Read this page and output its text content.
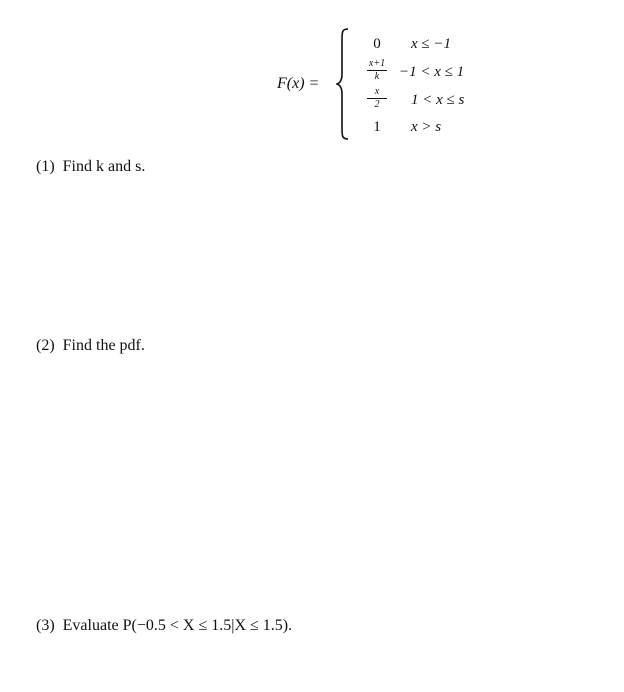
F(x) =
0	x ≤ −1
x+1
k	−1 < x ≤ 1
x
2	1 < x ≤ s
1	x > s
(1) Find k and s.
(2) Find the pdf.
(3) Evaluate P(−0.5 < X ≤ 1.5|X ≤ 1.5).
